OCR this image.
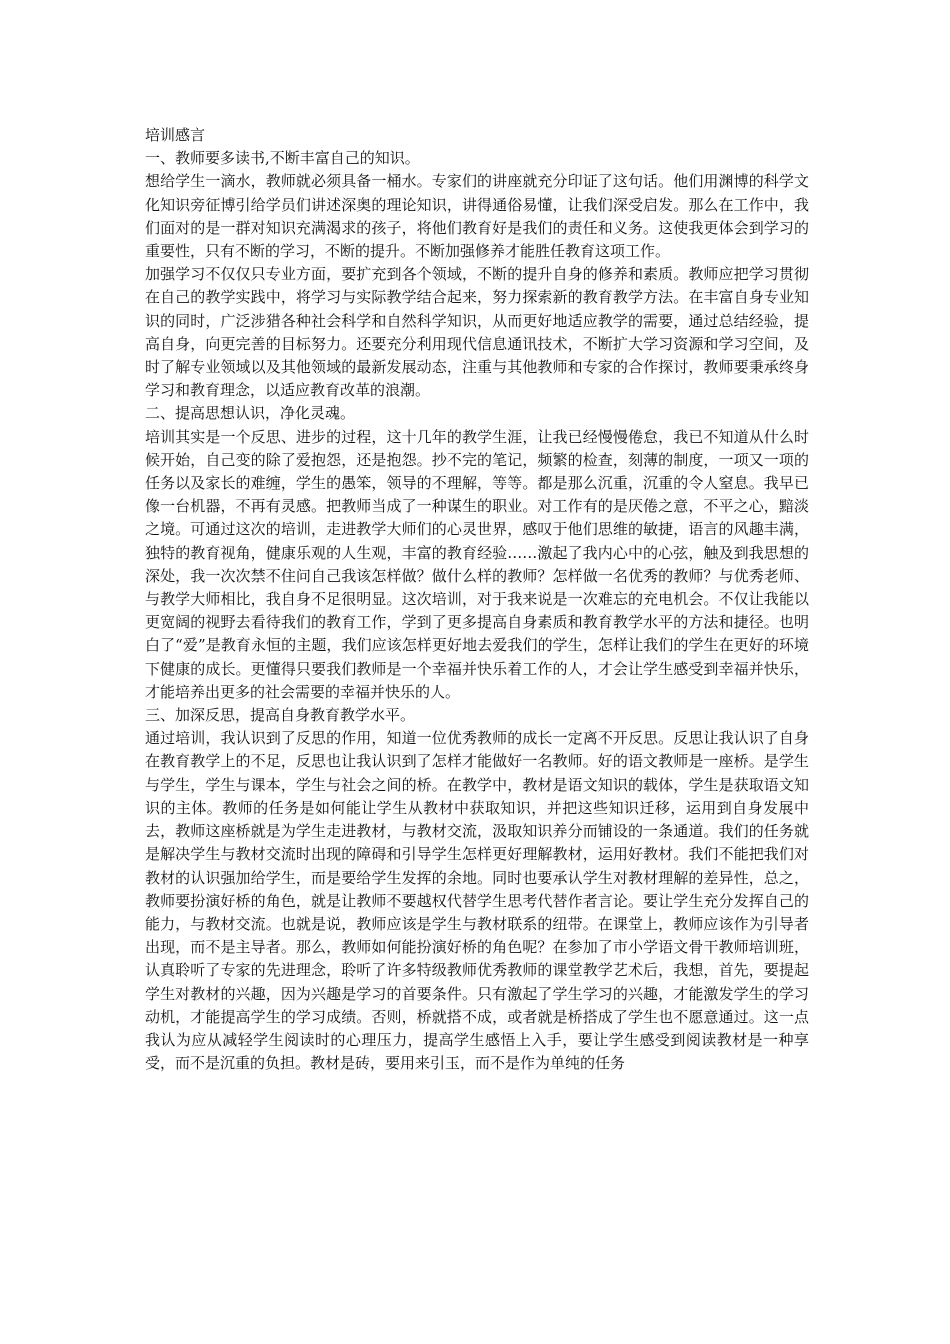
培训感言

一、教师要多读书,不断丰富自己的知识。

想给学生一滴水，教师就必须具备一桶水。专家们的讲座就充分印证了这句话。他们用渊博的科学文化知识旁征博引给学员们讲述深奥的理论知识，讲得通俗易懂，让我们深受启发。那么在工作中，我们面对的是一群对知识充满渴求的孩子，将他们教育好是我们的责任和义务。这使我更体会到学习的重要性，只有不断的学习，不断的提升。不断加强修养才能胜任教育这项工作。

加强学习不仅仅只专业方面，要扩充到各个领域，不断的提升自身的修养和素质。教师应把学习贯彻在自己的教学实践中，将学习与实际教学结合起来，努力探索新的教育教学方法。在丰富自身专业知识的同时，广泛涉猎各种社会科学和自然科学知识，从而更好地适应教学的需要，通过总结经验，提高自身，向更完善的目标努力。还要充分利用现代信息通讯技术，不断扩大学习资源和学习空间，及时了解专业领域以及其他领域的最新发展动态，注重与其他教师和专家的合作探讨，教师要秉承终身学习和教育理念，以适应教育改革的浪潮。

二、提高思想认识，净化灵魂。

培训其实是一个反思、进步的过程，这十几年的教学生涯，让我已经慢慢倦怠，我已不知道从什么时候开始，自己变的除了爱抱怨，还是抱怨。抄不完的笔记，频繁的检查，刻薄的制度，一项又一项的任务以及家长的难缠，学生的愚笨，领导的不理解，等等。都是那么沉重，沉重的令人窒息。我早已像一台机器，不再有灵感。把教师当成了一种谋生的职业。对工作有的是厌倦之意，不平之心，黯淡之境。可通过这次的培训，走进教学大师们的心灵世界，感叹于他们思维的敏捷，语言的风趣丰满，独特的教育视角，健康乐观的人生观，丰富的教育经验……激起了我内心中的心弦，触及到我思想的深处，我一次次禁不住问自己我该怎样做？做什么样的教师？怎样做一名优秀的教师？与优秀老师、与教学大师相比，我自身不足很明显。这次培训，对于我来说是一次难忘的充电机会。不仅让我能以更宽阔的视野去看待我们的教育工作，学到了更多提高自身素质和教育教学水平的方法和捷径。也明白了“爱”是教育永恒的主题，我们应该怎样更好地去爱我们的学生，怎样让我们的学生在更好的环境下健康的成长。更懂得只要我们教师是一个幸福并快乐着工作的人，才会让学生感受到幸福并快乐，才能培养出更多的社会需要的幸福并快乐的人。

三、加深反思，提高自身教育教学水平。

通过培训，我认识到了反思的作用，知道一位优秀教师的成长一定离不开反思。反思让我认识了自身在教育教学上的不足，反思也让我认识到了怎样才能做好一名教师。好的语文教师是一座桥。是学生与学生，学生与课本，学生与社会之间的桥。在教学中，教材是语文知识的载体，学生是获取语文知识的主体。教师的任务是如何能让学生从教材中获取知识，并把这些知识迁移，运用到自身发展中去，教师这座桥就是为学生走进教材，与教材交流，汲取知识养分而铺设的一条通道。我们的任务就是解决学生与教材交流时出现的障碍和引导学生怎样更好理解教材，运用好教材。我们不能把我们对教材的认识强加给学生，而是要给学生发挥的余地。同时也要承认学生对教材理解的差异性，总之，教师要扮演好桥的角色，就是让教师不要越权代替学生思考代替作者言论。要让学生充分发挥自己的能力，与教材交流。也就是说，教师应该是学生与教材联系的纽带。在课堂上，教师应该作为引导者出现，而不是主导者。那么，教师如何能扮演好桥的角色呢？在参加了市小学语文骨干教师培训班，认真聆听了专家的先进理念，聆听了许多特级教师优秀教师的课堂教学艺术后，我想，首先，要提起学生对教材的兴趣，因为兴趣是学习的首要条件。只有激起了学生学习的兴趣，才能激发学生的学习动机，才能提高学生的学习成绩。否则，桥就搭不成，或者就是桥搭成了学生也不愿意通过。这一点我认为应从减轻学生阅读时的心理压力，提高学生感悟上入手，要让学生感受到阅读教材是一种享受，而不是沉重的负担。教材是砖，要用来引玉，而不是作为单纯的任务
